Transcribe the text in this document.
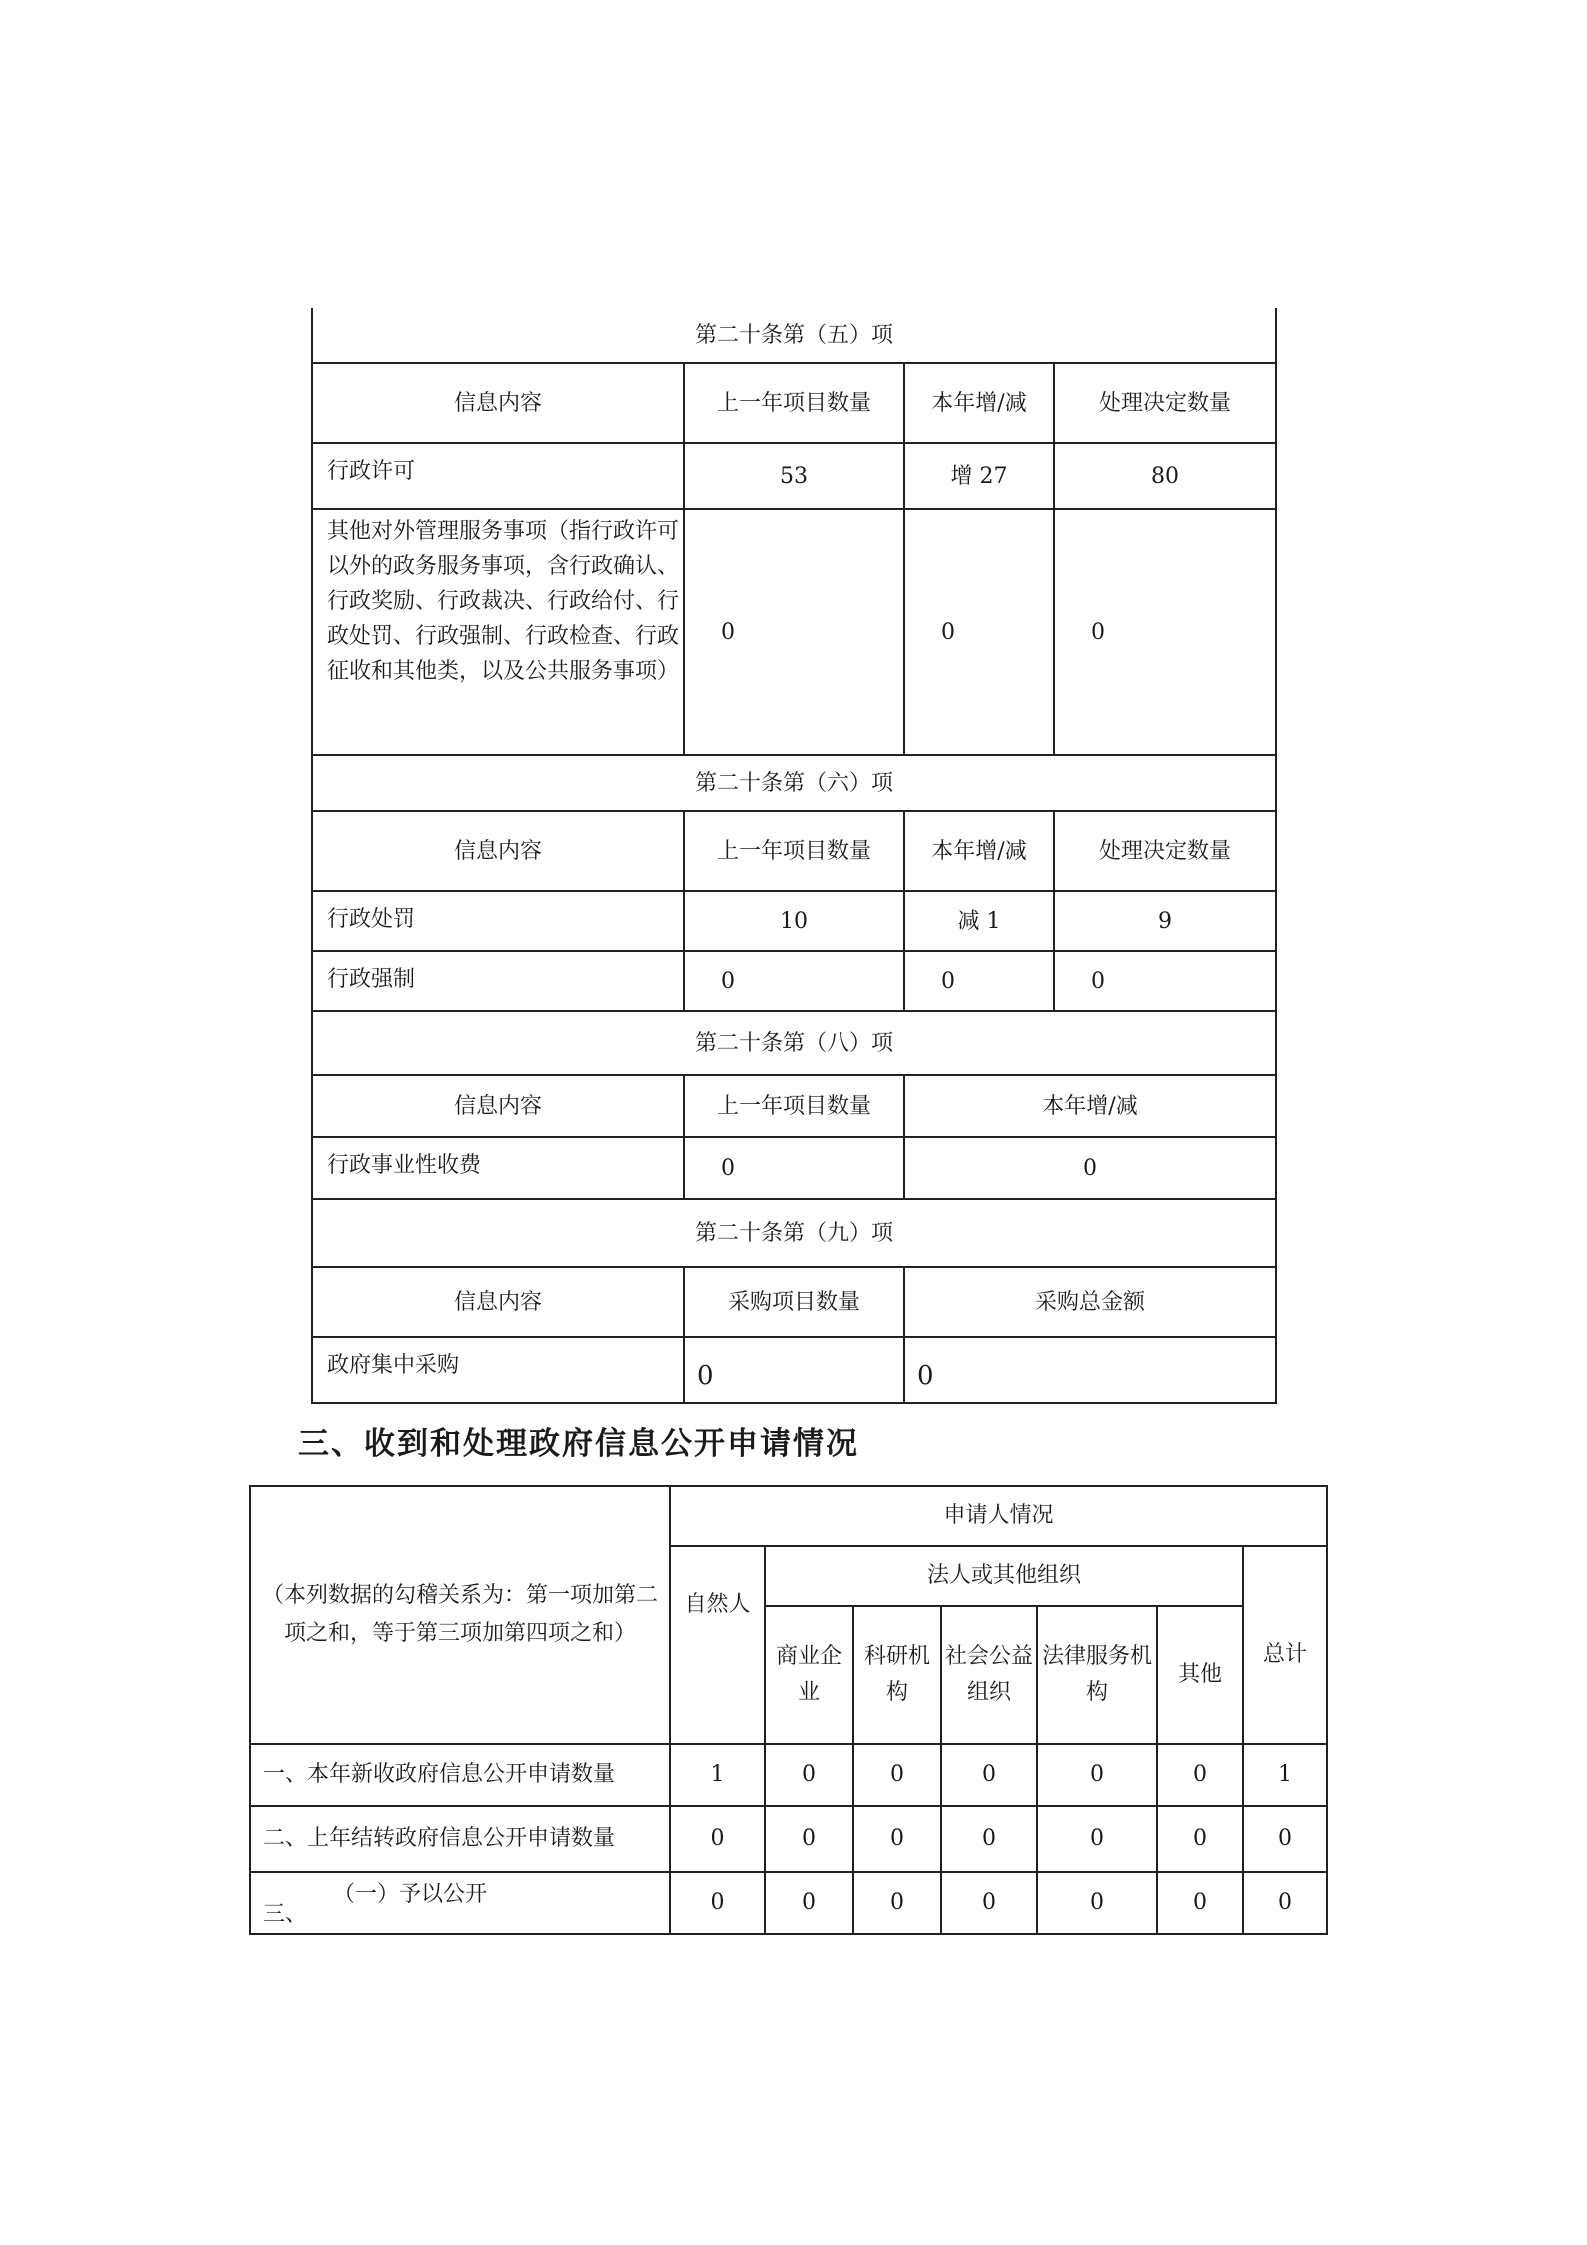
第二十条第（五）项			
信息内容	上一年项目数量	本年增/减	处理决定数量
行政许可	53	增 27	80
其他对外管理服务事项（指行政许可以外的政务服务事项，含行政确认、行政奖励、行政裁决、行政给付、行政处罚、行政强制、行政检查、行政征收和其他类，以及公共服务事项）	0	0	0
第二十条第（六）项			
信息内容	上一年项目数量	本年增/减	处理决定数量
行政处罚	10	减 1	9
行政强制	0	0	0
第二十条第（八）项			
信息内容	上一年项目数量	本年增/减	
行政事业性收费	0	0	
第二十条第（九）项			
信息内容	采购项目数量	采购总金额	
政府集中采购	0	0	
三、收到和处理政府信息公开申请情况
（本列数据的勾稽关系为：第一项加第二项之和，等于第三项加第四项之和）	申请人情况						
	自然人	法人或其他组织					总计
		商业企业	科研机构	社会公益组织	法律服务机构	其他	
一、本年新收政府信息公开申请数量	1	0	0	0	0	0	1
二、上年结转政府信息公开申请数量	0	0	0	0	0	0	0
三、（一）予以公开	0	0	0	0	0	0	0
